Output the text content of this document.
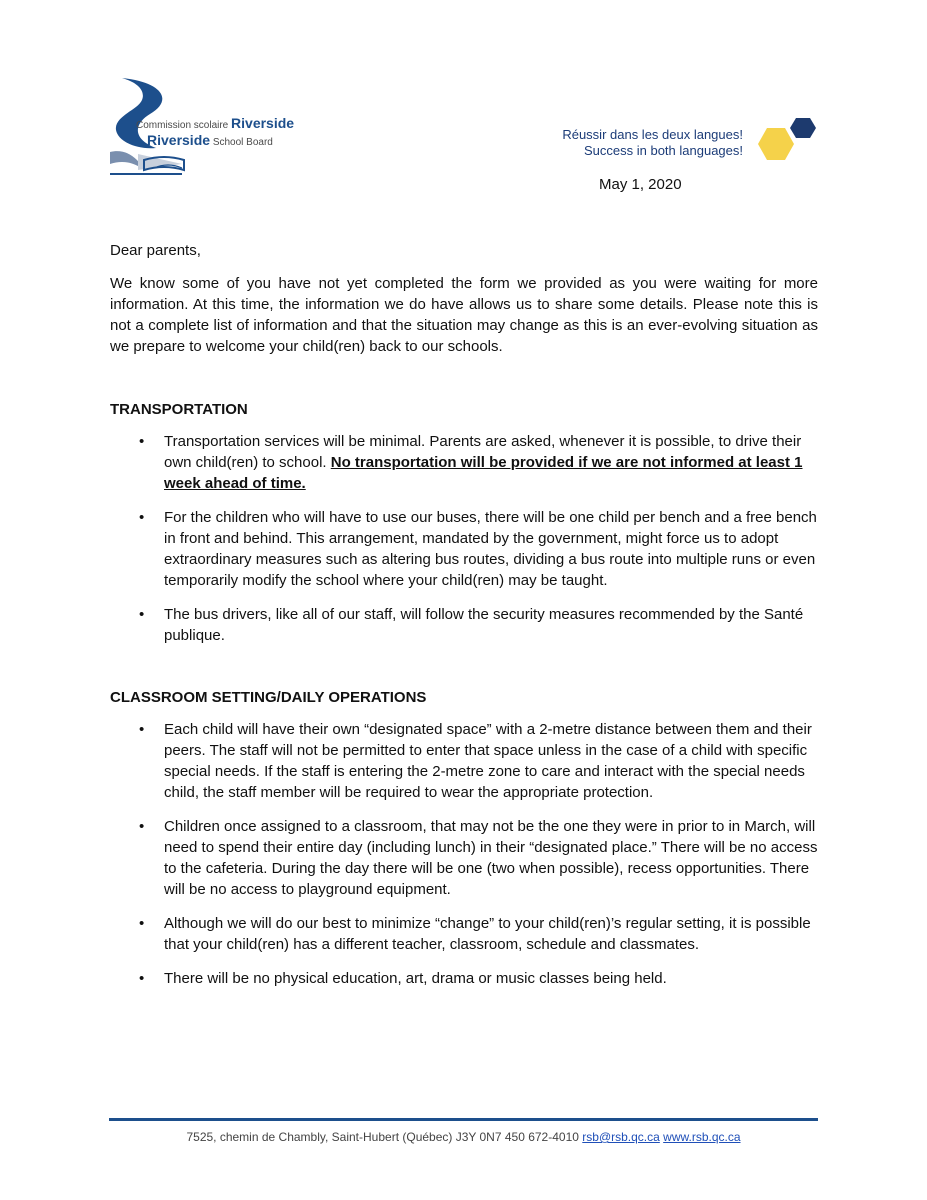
Commission scolaire Riverside
Riverside School Board
Réussir dans les deux langues!
Success in both languages!
May 1, 2020

Dear parents,

We know some of you have not yet completed the form we provided as you were waiting for more information. At this time, the information we do have allows us to share some details. Please note this is not a complete list of information and that the situation may change as this is an ever-evolving situation as we prepare to welcome your child(ren) back to our schools.

TRANSPORTATION

• Transportation services will be minimal. Parents are asked, whenever it is possible, to drive their own child(ren) to school. No transportation will be provided if we are not informed at least 1 week ahead of time.
• For the children who will have to use our buses, there will be one child per bench and a free bench in front and behind. This arrangement, mandated by the government, might force us to adopt extraordinary measures such as altering bus routes, dividing a bus route into multiple runs or even temporarily modify the school where your child(ren) may be taught.
• The bus drivers, like all of our staff, will follow the security measures recommended by the Santé publique.

CLASSROOM SETTING/DAILY OPERATIONS

• Each child will have their own “designated space” with a 2-metre distance between them and their peers. The staff will not be permitted to enter that space unless in the case of a child with specific special needs. If the staff is entering the 2-metre zone to care and interact with the special needs child, the staff member will be required to wear the appropriate protection.
• Children once assigned to a classroom, that may not be the one they were in prior to in March, will need to spend their entire day (including lunch) in their “designated place.” There will be no access to the cafeteria. During the day there will be one (two when possible), recess opportunities. There will be no access to playground equipment.
• Although we will do our best to minimize “change” to your child(ren)’s regular setting, it is possible that your child(ren) has a different teacher, classroom, schedule and classmates.
• There will be no physical education, art, drama or music classes being held.
7525, chemin de Chambly, Saint-Hubert (Québec) J3Y 0N7 450 672-4010 rsb@rsb.qc.ca www.rsb.qc.ca
